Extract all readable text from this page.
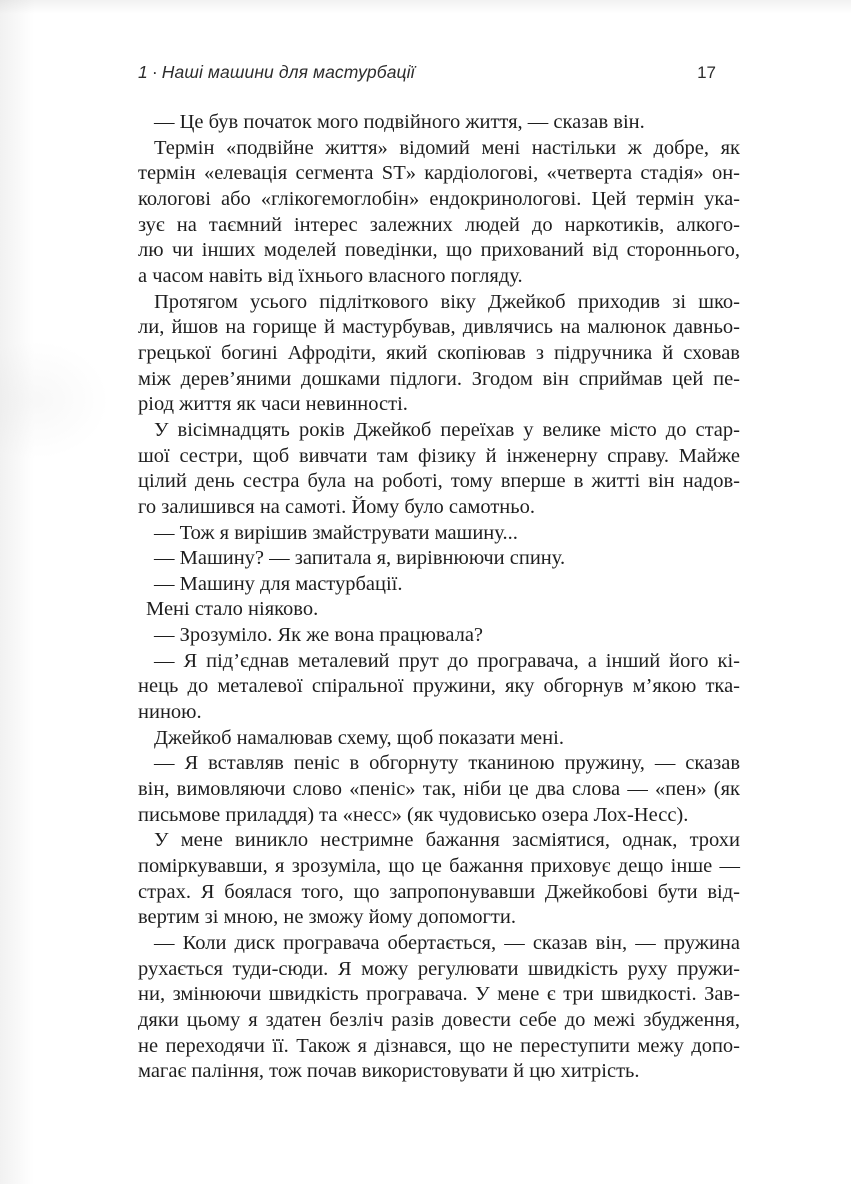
1 · Наші машини для мастурбації	17
— Це був початок мого подвійного життя, — сказав він.
Термін «подвійне життя» відомий мені настільки ж добре, як
термін «елевація сегмента ST» кардіологові, «четверта стадія» он-
кологові або «глікогемоглобін» ендокринологові. Цей термін ука-
зує на таємний інтерес залежних людей до наркотиків, алкого-
лю чи інших моделей поведінки, що прихований від стороннього,
а часом навіть від їхнього власного погляду.
Протягом усього підліткового віку Джейкоб приходив зі шко-
ли, йшов на горище й мастурбував, дивлячись на малюнок давньо-
грецької богині Афродіти, який скопіював з підручника й сховав
між дерев’яними дошками підлоги. Згодом він сприймав цей пе-
ріод життя як часи невинності.
У вісімнадцять років Джейкоб переїхав у велике місто до стар-
шої сестри, щоб вивчати там фізику й інженерну справу. Майже
цілий день сестра була на роботі, тому вперше в житті він надов-
го залишився на самоті. Йому було самотньо.
— Тож я вирішив змайструвати машину...
— Машину? — запитала я, вирівнюючи спину.
— Машину для мастурбації.
Мені стало ніяково.
— Зрозуміло. Як же вона працювала?
— Я під’єднав металевий прут до програвача, а інший його кі-
нець до металевої спіральної пружини, яку обгорнув м’якою тка-
ниною.
Джейкоб намалював схему, щоб показати мені.
— Я вставляв пеніс в обгорнуту тканиною пружину, — сказав
він, вимовляючи слово «пеніс» так, ніби це два слова — «пен» (як
письмове приладдя) та «несс» (як чудовисько озера Лох-Несс).
У мене виникло нестримне бажання засміятися, однак, трохи
поміркувавши, я зрозуміла, що це бажання приховує дещо інше —
страх. Я боялася того, що запропонувавши Джейкобові бути від-
вертим зі мною, не зможу йому допомогти.
— Коли диск програвача обертається, — сказав він, — пружина
рухається туди-сюди. Я можу регулювати швидкість руху пружи-
ни, змінюючи швидкість програвача. У мене є три швидкості. Зав-
дяки цьому я здатен безліч разів довести себе до межі збудження,
не переходячи її. Також я дізнався, що не переступити межу допо-
магає паління, тож почав використовувати й цю хитрість.
